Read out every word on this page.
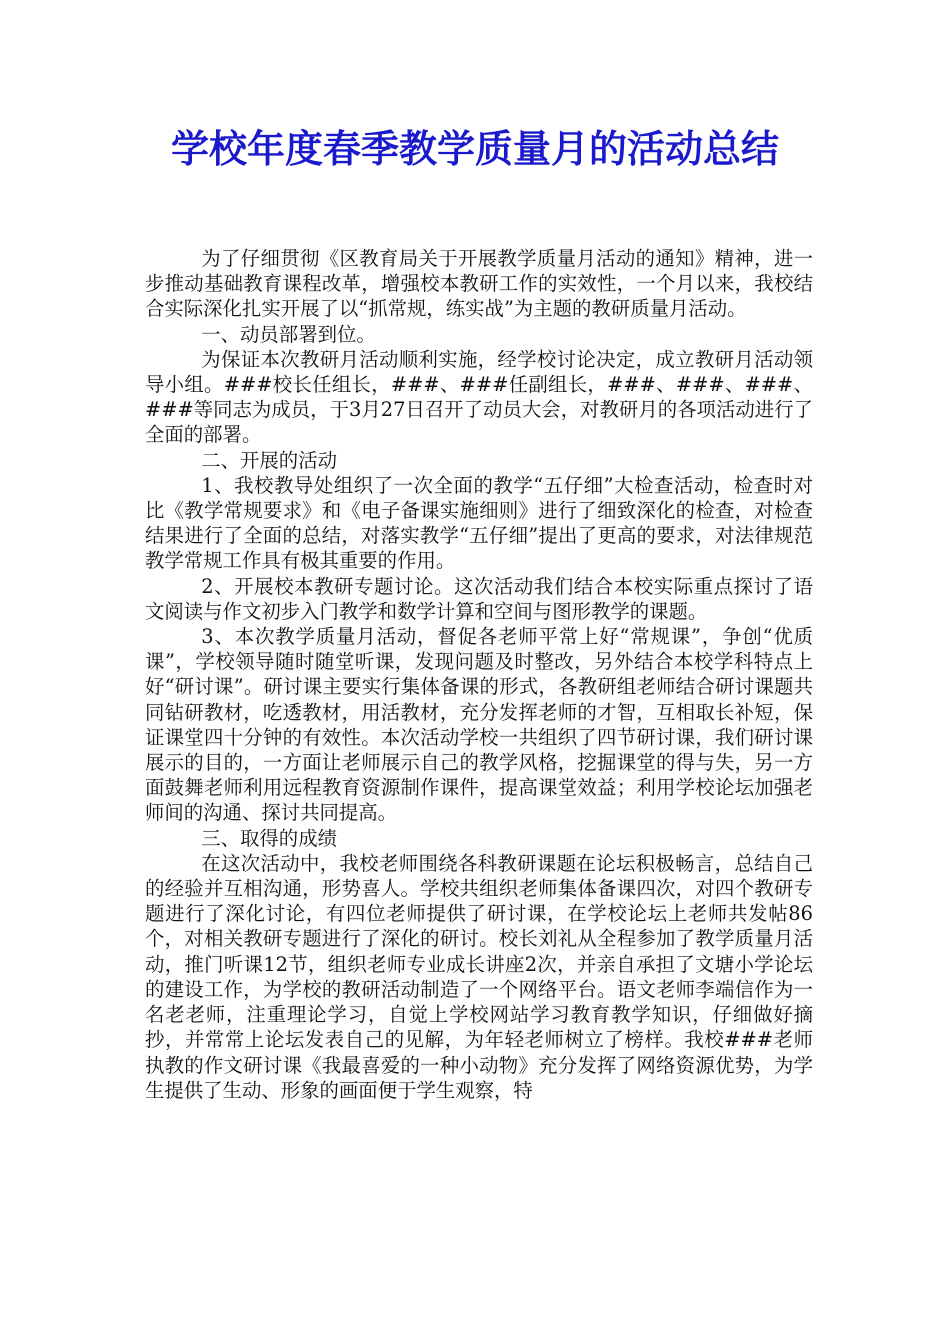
学校年度春季教学质量月的活动总结

为了仔细贯彻《区教育局关于开展教学质量月活动的通知》精神，进一步推动基础教育课程改革，增强校本教研工作的实效性，一个月以来，我校结合实际深化扎实开展了以“抓常规，练实战”为主题的教研质量月活动。

一、动员部署到位。

为保证本次教研月活动顺利实施，经学校讨论决定，成立教研月活动领导小组。###校长任组长，###、###任副组长，###、###、###、###等同志为成员，于3月27日召开了动员大会，对教研月的各项活动进行了全面的部署。

二、开展的活动

1、我校教导处组织了一次全面的教学“五仔细”大检查活动，检查时对比《教学常规要求》和《电子备课实施细则》进行了细致深化的检查，对检查结果进行了全面的总结，对落实教学“五仔细”提出了更高的要求，对法律规范教学常规工作具有极其重要的作用。

2、开展校本教研专题讨论。这次活动我们结合本校实际重点探讨了语文阅读与作文初步入门教学和数学计算和空间与图形教学的课题。

3、本次教学质量月活动，督促各老师平常上好“常规课”，争创“优质课”，学校领导随时随堂听课，发现问题及时整改，另外结合本校学科特点上好“研讨课”。研讨课主要实行集体备课的形式，各教研组老师结合研讨课题共同钻研教材，吃透教材，用活教材，充分发挥老师的才智，互相取长补短，保证课堂四十分钟的有效性。本次活动学校一共组织了四节研讨课，我们研讨课展示的目的，一方面让老师展示自己的教学风格，挖掘课堂的得与失，另一方面鼓舞老师利用远程教育资源制作课件，提高课堂效益；利用学校论坛加强老师间的沟通、探讨共同提高。

三、取得的成绩

在这次活动中，我校老师围绕各科教研课题在论坛积极畅言，总结自己的经验并互相沟通，形势喜人。学校共组织老师集体备课四次，对四个教研专题进行了深化讨论，有四位老师提供了研讨课，在学校论坛上老师共发帖86个，对相关教研专题进行了深化的研讨。校长刘礼从全程参加了教学质量月活动，推门听课12节，组织老师专业成长讲座2次，并亲自承担了文塘小学论坛的建设工作，为学校的教研活动制造了一个网络平台。语文老师李端信作为一名老老师，注重理论学习，自觉上学校网站学习教育教学知识，仔细做好摘抄，并常常上论坛发表自己的见解，为年轻老师树立了榜样。我校###老师执教的作文研讨课《我最喜爱的一种小动物》充分发挥了网络资源优势，为学生提供了生动、形象的画面便于学生观察，特
